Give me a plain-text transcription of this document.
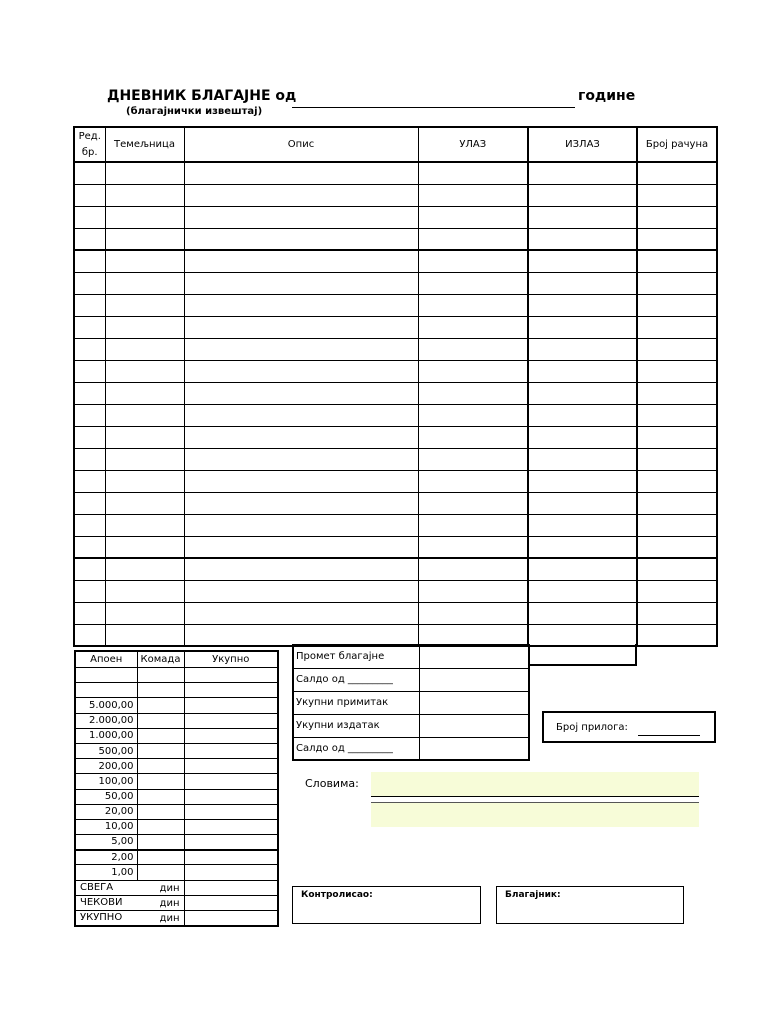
ДНЕВНИК БЛАГАЈНЕ од	године
(благајнички извештај)
Ред. бр.	Темељница	Опис	УЛАЗ	ИЗЛАЗ	Број рачуна

Апоен	Комада	Укупно

5.000,00		
2.000,00		
1.000,00		
500,00		
200,00		
100,00		
50,00		
20,00		
10,00		
5,00		
2,00		
1,00		
СВЕГА дин		

ЧЕКОВИ дин		

УКУПНО дин		

Промет благајне	
Салдо од _________	
Укупни примитак	
Укупни издатак	
Салдо од _________	
Број прилога:
Словима:
Контролисао:	Благајник:
